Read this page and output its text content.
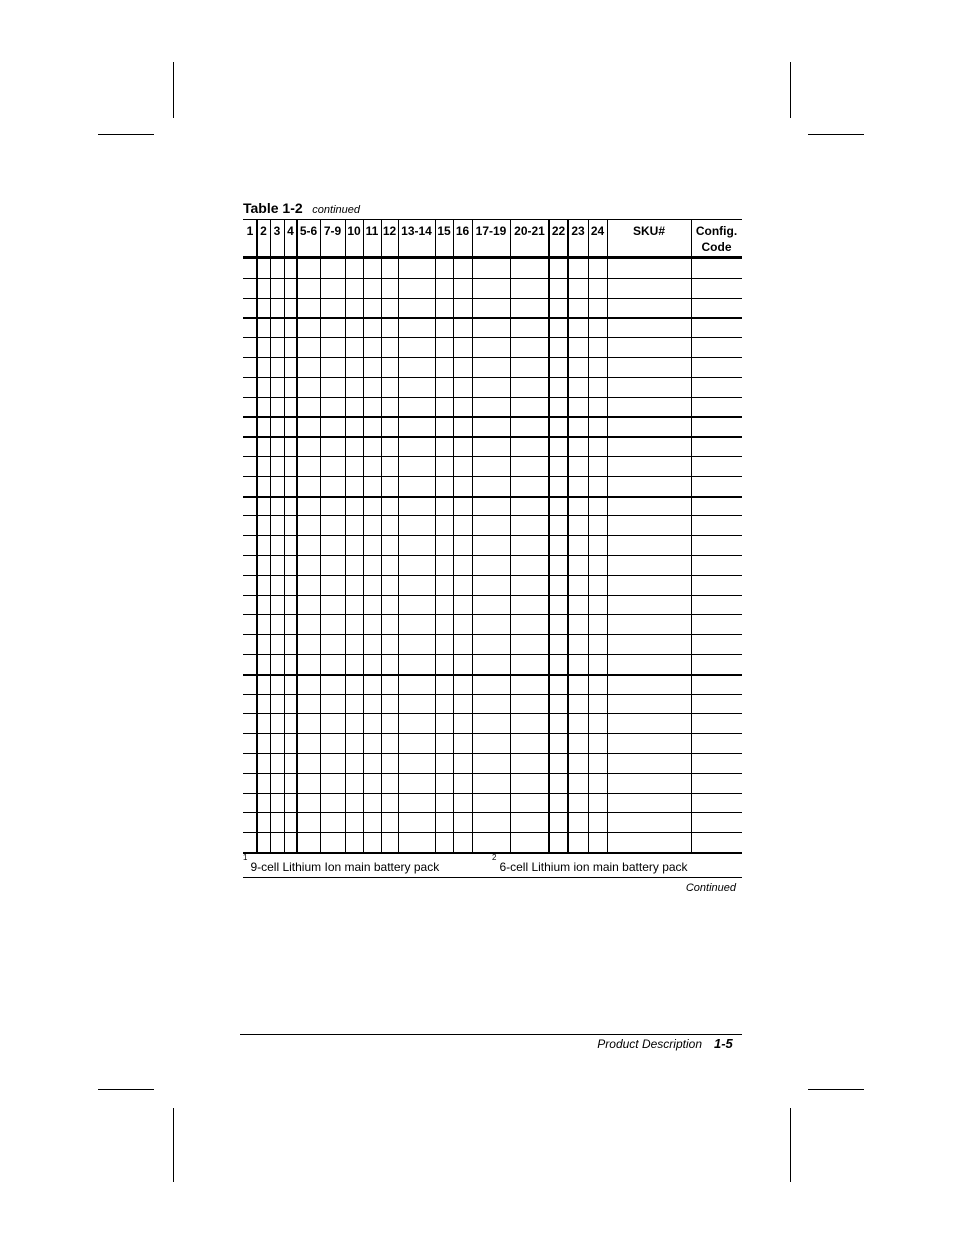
Table 1-2 continued
1 2 3 4 5-6 7-9 10 11 12 13-14 15 16 17-19 20-21 22 23 24	SKU#	Config.
Code
$^1$9-cell Lithium Ion main battery pack
$^2$6-cell Lithium ion main battery pack
Continued
Product Description 1-5
